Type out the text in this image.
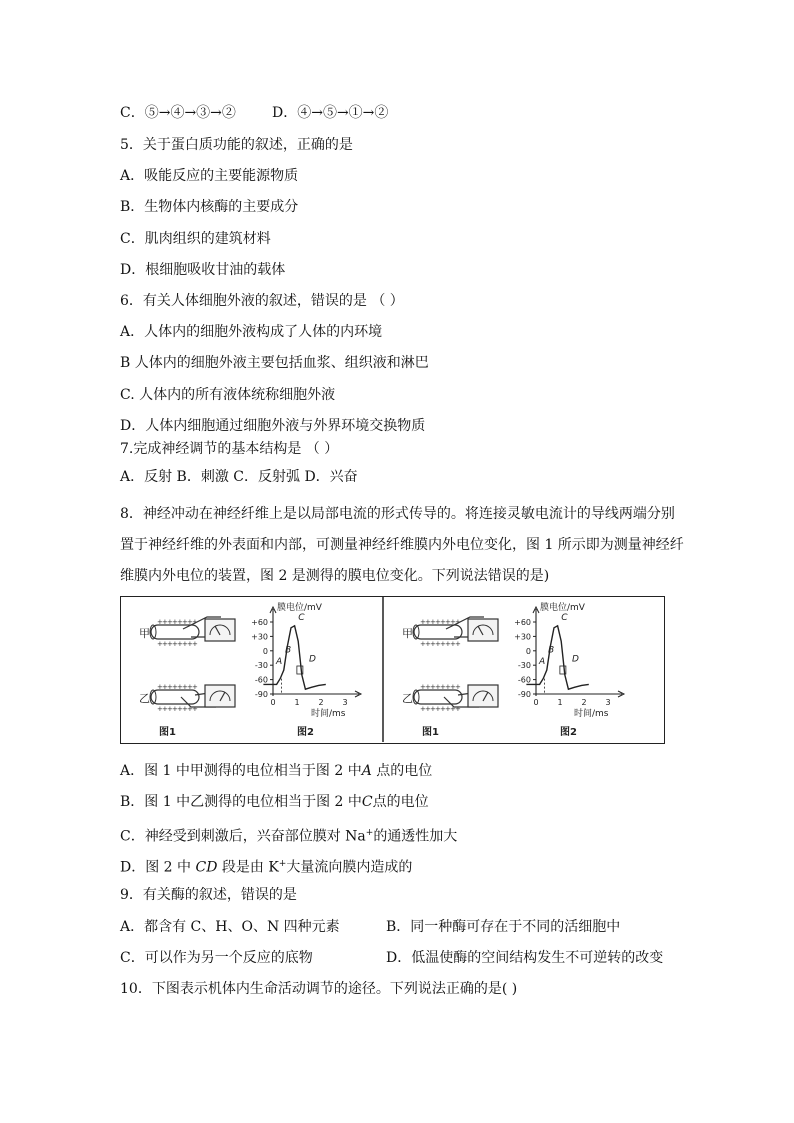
C．⑤→④→③→②	D．④→⑤→①→②
5．关于蛋白质功能的叙述，正确的是
A．吸能反应的主要能源物质
B．生物体内核酶的主要成分
C．肌肉组织的建筑材料
D．根细胞吸收甘油的载体
6．有关人体细胞外液的叙述，错误的是 （ ）
A．人体内的细胞外液构成了人体的内环境
B 人体内的细胞外液主要包括血浆、组织液和淋巴
C. 人体内的所有液体统称细胞外液
D．人体内细胞通过细胞外液与外界环境交换物质
7.完成神经调节的基本结构是 （ ）
A．反射 B．刺激 C．反射弧 D．兴奋
8．神经冲动在神经纤维上是以局部电流的形式传导的。将连接灵敏电流计的导线两端分别
置于神经纤维的外表面和内部，可测量神经纤维膜内外电位变化，图 1 所示即为测量神经纤
维膜内外电位的装置，图 2 是测得的膜电位变化。下列说法错误的是)
甲
+
+
+
+
+
+
+
+
+
+
+
+
+
+
+
+
乙
+
+
+
+
+
+
+
+
+
+
+
+
+
+
+
+
图1
膜电位/mV
+60
+30
0
-30
-60
-90
0 1 2 3
时间/ms
A
B
C
D
图2
甲
+
+
+
+
+
+
+
+
+
+
+
+
+
+
+
+
乙
+
+
+
+
+
+
+
+
+
+
+
+
+
+
+
+
图1
膜电位/mV
+60
+30
0
-30
-60
-90
0 1 2 3
时间/ms
A
B
C
D
图2
A．图 1 中甲测得的电位相当于图 2 中A 点的电位
B．图 1 中乙测得的电位相当于图 2 中C点的电位
C．神经受到刺激后，兴奋部位膜对 Na+的通透性加大
D．图 2 中 CD 段是由 K+大量流向膜内造成的
9．有关酶的叙述，错误的是
A．都含有 C、H、O、N 四种元素	B．同一种酶可存在于不同的活细胞中
C．可以作为另一个反应的底物	D．低温使酶的空间结构发生不可逆转的改变
10．下图表示机体内生命活动调节的途径。下列说法正确的是( )
